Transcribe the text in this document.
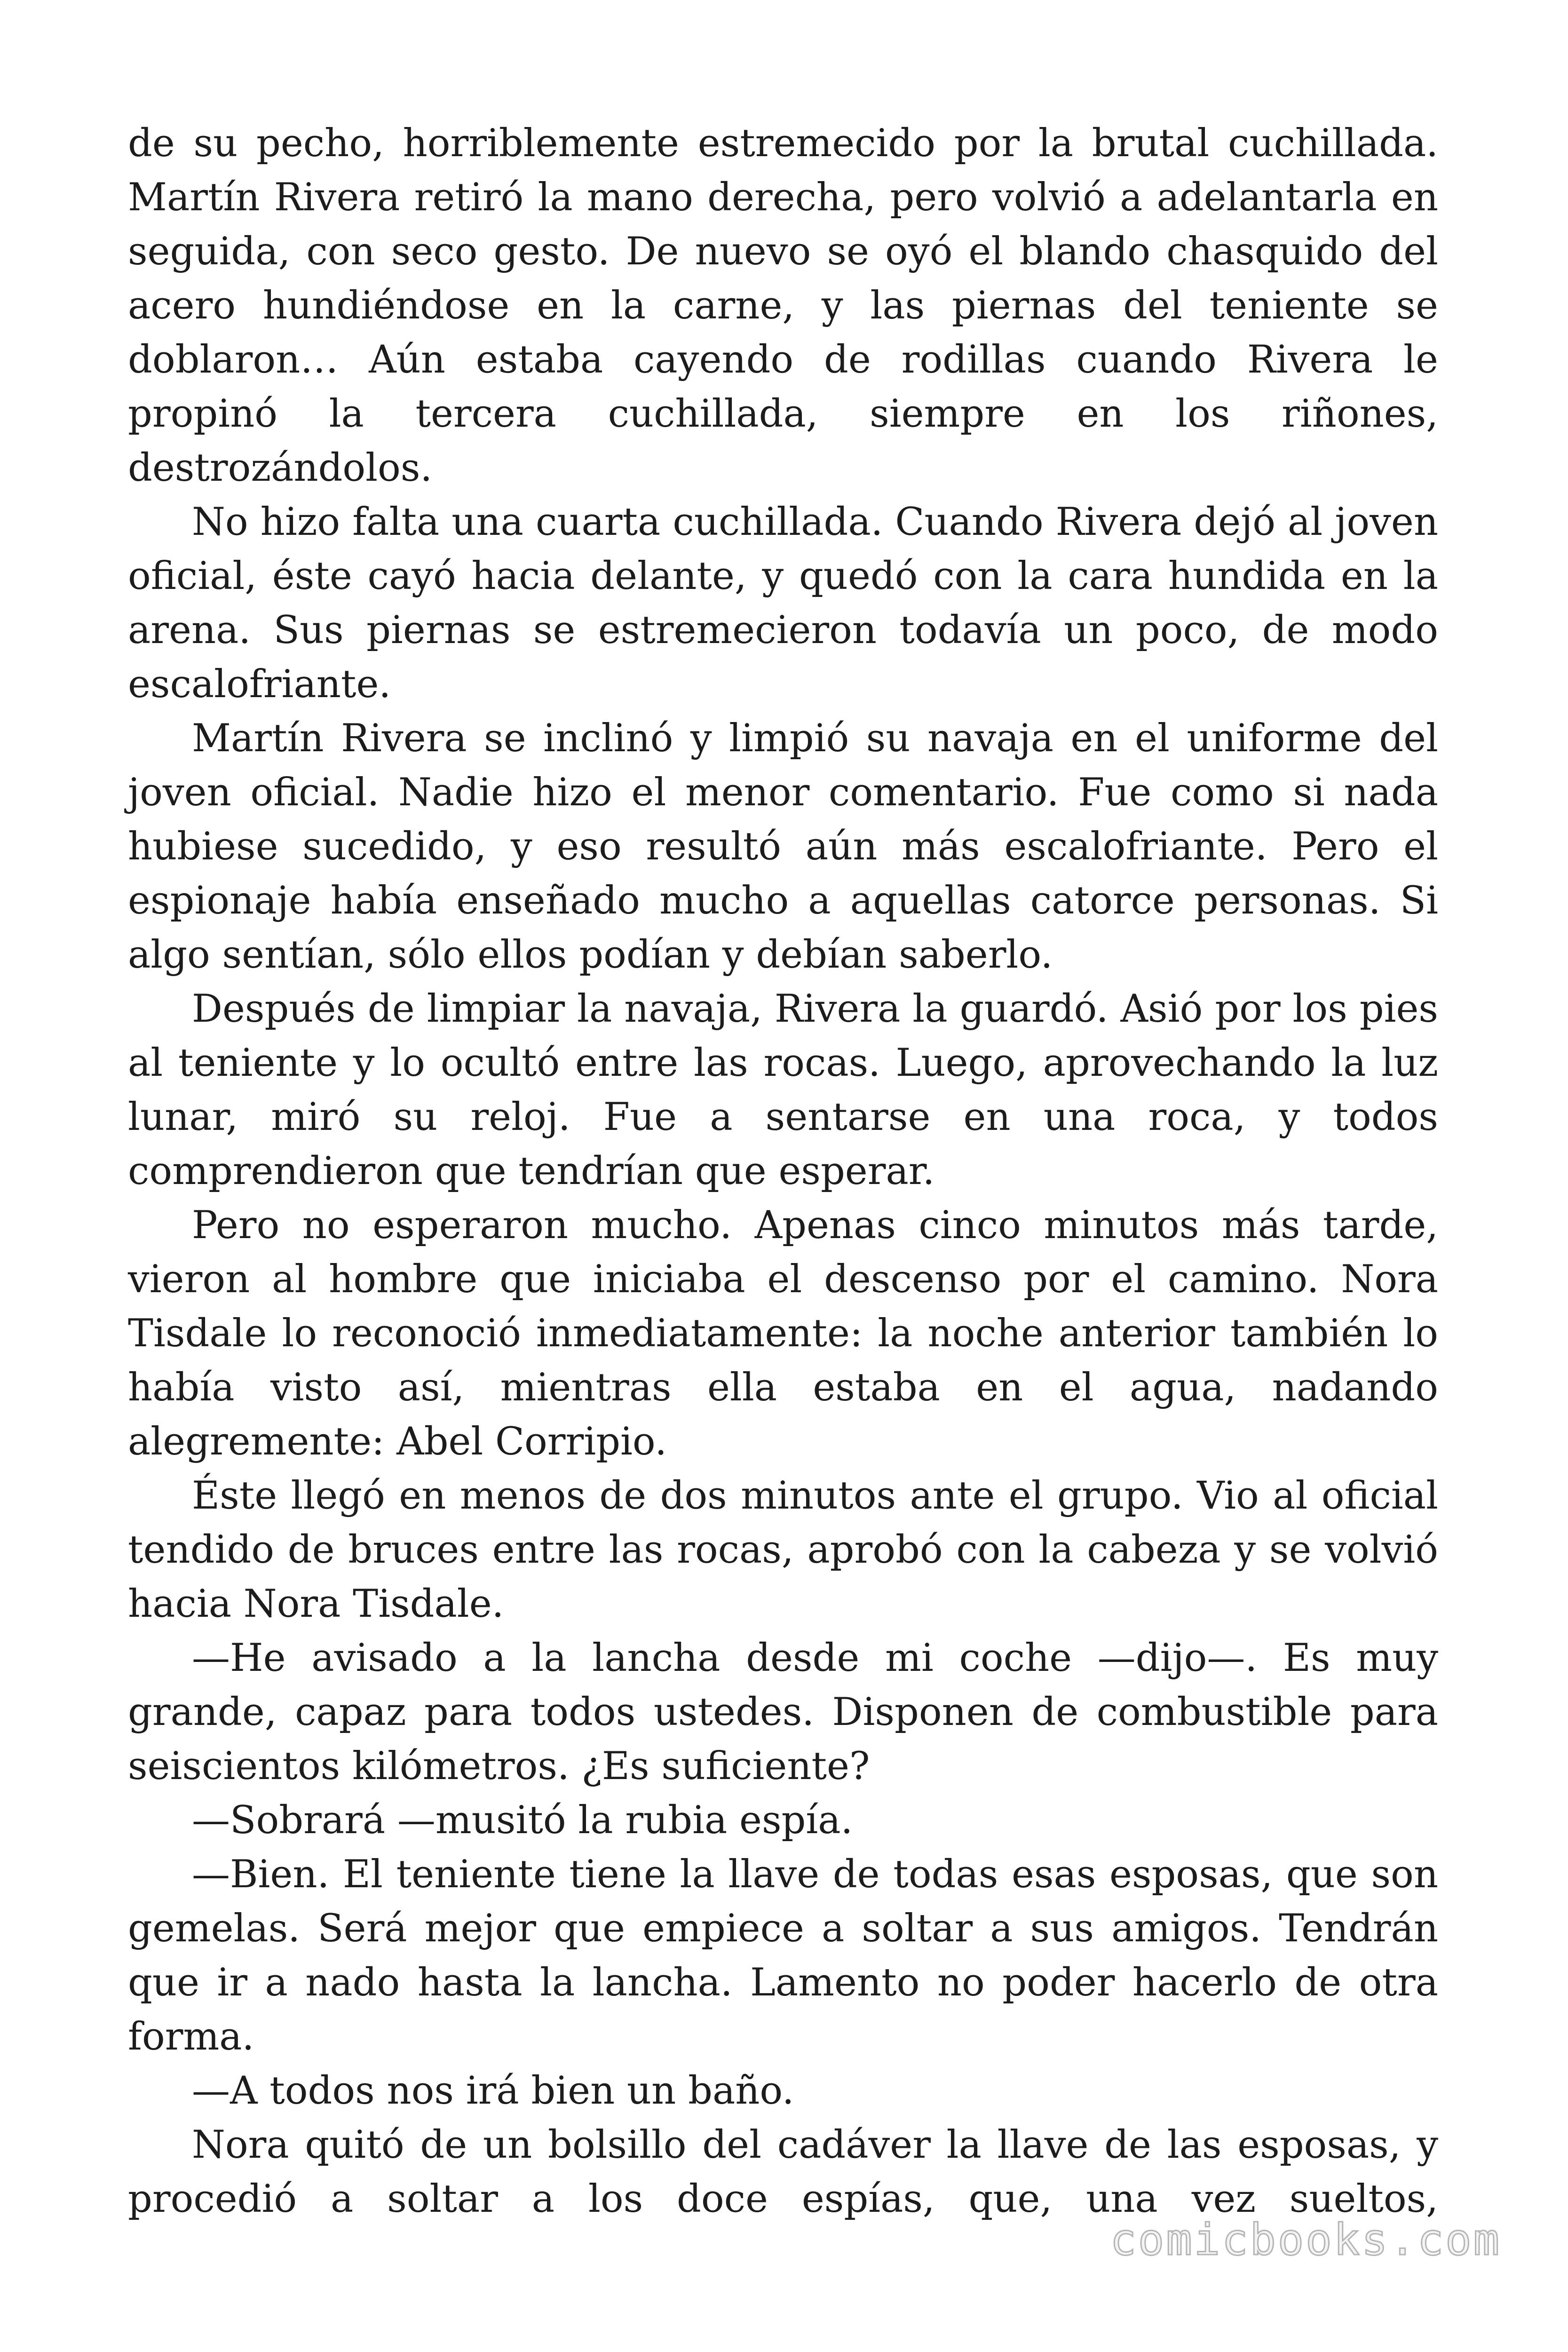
de su pecho, horriblemente estremecido por la brutal cuchillada. Martín Rivera retiró la mano derecha, pero volvió a adelantarla en seguida, con seco gesto. De nuevo se oyó el blando chasquido del acero hundiéndose en la carne, y las piernas del teniente se doblaron… Aún estaba cayendo de rodillas cuando Rivera le propinó la tercera cuchillada, siempre en los riñones, destrozándolos.

No hizo falta una cuarta cuchillada. Cuando Rivera dejó al joven oficial, éste cayó hacia delante, y quedó con la cara hundida en la arena. Sus piernas se estremecieron todavía un poco, de modo escalofriante.

Martín Rivera se inclinó y limpió su navaja en el uniforme del joven oficial. Nadie hizo el menor comentario. Fue como si nada hubiese sucedido, y eso resultó aún más escalofriante. Pero el espionaje había enseñado mucho a aquellas catorce personas. Si algo sentían, sólo ellos podían y debían saberlo.

Después de limpiar la navaja, Rivera la guardó. Asió por los pies al teniente y lo ocultó entre las rocas. Luego, aprovechando la luz lunar, miró su reloj. Fue a sentarse en una roca, y todos comprendieron que tendrían que esperar.

Pero no esperaron mucho. Apenas cinco minutos más tarde, vieron al hombre que iniciaba el descenso por el camino. Nora Tisdale lo reconoció inmediatamente: la noche anterior también lo había visto así, mientras ella estaba en el agua, nadando alegremente: Abel Corripio.

Éste llegó en menos de dos minutos ante el grupo. Vio al oficial tendido de bruces entre las rocas, aprobó con la cabeza y se volvió hacia Nora Tisdale.

—He avisado a la lancha desde mi coche —dijo—. Es muy grande, capaz para todos ustedes. Disponen de combustible para seiscientos kilómetros. ¿Es suficiente?

—Sobrará —musitó la rubia espía.

—Bien. El teniente tiene la llave de todas esas esposas, que son gemelas. Será mejor que empiece a soltar a sus amigos. Tendrán que ir a nado hasta la lancha. Lamento no poder hacerlo de otra forma.

—A todos nos irá bien un baño.

Nora quitó de un bolsillo del cadáver la llave de las esposas, y procedió a soltar a los doce espías, que, una vez sueltos,

comicbooks.com
